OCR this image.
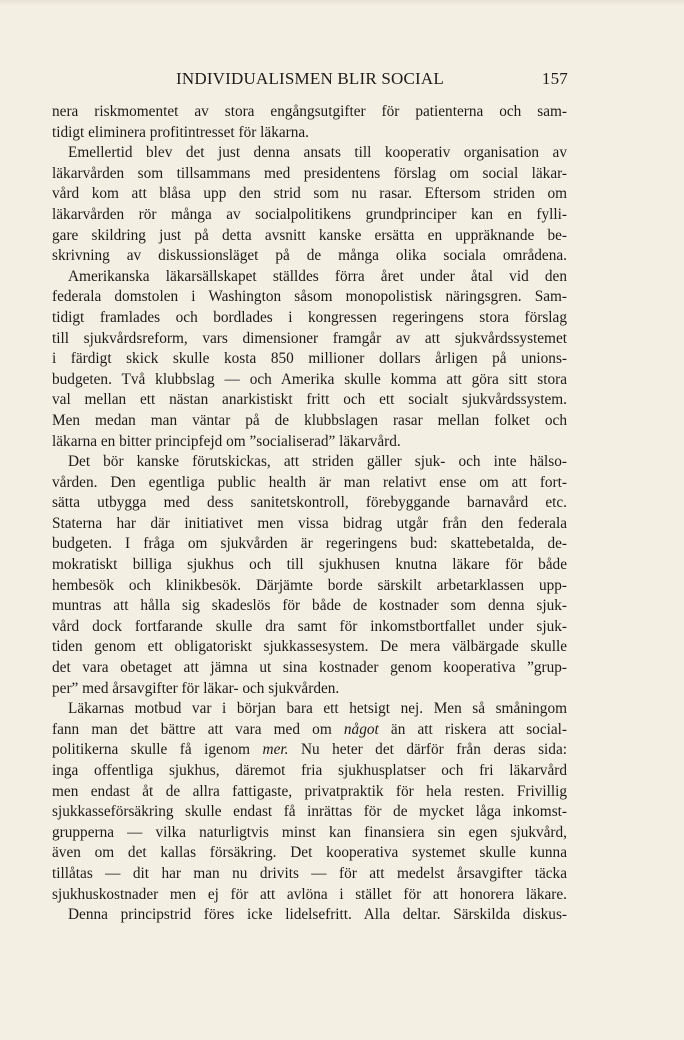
INDIVIDUALISMEN BLIR SOCIAL	157
nera riskmomentet av stora engångsutgifter för patienterna och sam-
tidigt eliminera profitintresset för läkarna.
Emellertid blev det just denna ansats till kooperativ organisation av
läkarvården som tillsammans med presidentens förslag om social läkar-
vård kom att blåsa upp den strid som nu rasar. Eftersom striden om
läkarvården rör många av socialpolitikens grundprinciper kan en fylli-
gare skildring just på detta avsnitt kanske ersätta en uppräknande be-
skrivning av diskussionsläget på de många olika sociala områdena.
Amerikanska läkarsällskapet ställdes förra året under åtal vid den
federala domstolen i Washington såsom monopolistisk näringsgren. Sam-
tidigt framlades och bordlades i kongressen regeringens stora förslag
till sjukvårdsreform, vars dimensioner framgår av att sjukvårdssystemet
i färdigt skick skulle kosta 850 millioner dollars årligen på unions-
budgeten. Två klubbslag — och Amerika skulle komma att göra sitt stora
val mellan ett nästan anarkistiskt fritt och ett socialt sjukvårdssystem.
Men medan man väntar på de klubbslagen rasar mellan folket och
läkarna en bitter principfejd om ”socialiserad” läkarvård.
Det bör kanske förutskickas, att striden gäller sjuk- och inte hälso-
vården. Den egentliga public health är man relativt ense om att fort-
sätta utbygga med dess sanitetskontroll, förebyggande barnavård etc.
Staterna har där initiativet men vissa bidrag utgår från den federala
budgeten. I fråga om sjukvården är regeringens bud: skattebetalda, de-
mokratiskt billiga sjukhus och till sjukhusen knutna läkare för både
hembesök och klinikbesök. Därjämte borde särskilt arbetarklassen upp-
muntras att hålla sig skadeslös för både de kostnader som denna sjuk-
vård dock fortfarande skulle dra samt för inkomstbortfallet under sjuk-
tiden genom ett obligatoriskt sjukkassesystem. De mera välbärgade skulle
det vara obetaget att jämna ut sina kostnader genom kooperativa ”grup-
per” med årsavgifter för läkar- och sjukvården.
Läkarnas motbud var i början bara ett hetsigt nej. Men så småningom
fann man det bättre att vara med om något än att riskera att social-
politikerna skulle få igenom mer. Nu heter det därför från deras sida:
inga offentliga sjukhus, däremot fria sjukhusplatser och fri läkarvård
men endast åt de allra fattigaste, privatpraktik för hela resten. Frivillig
sjukkasseförsäkring skulle endast få inrättas för de mycket låga inkomst-
grupperna — vilka naturligtvis minst kan finansiera sin egen sjukvård,
även om det kallas försäkring. Det kooperativa systemet skulle kunna
tillåtas — dit har man nu drivits — för att medelst årsavgifter täcka
sjukhuskostnader men ej för att avlöna i stället för att honorera läkare.
Denna principstrid föres icke lidelsefritt. Alla deltar. Särskilda diskus-
